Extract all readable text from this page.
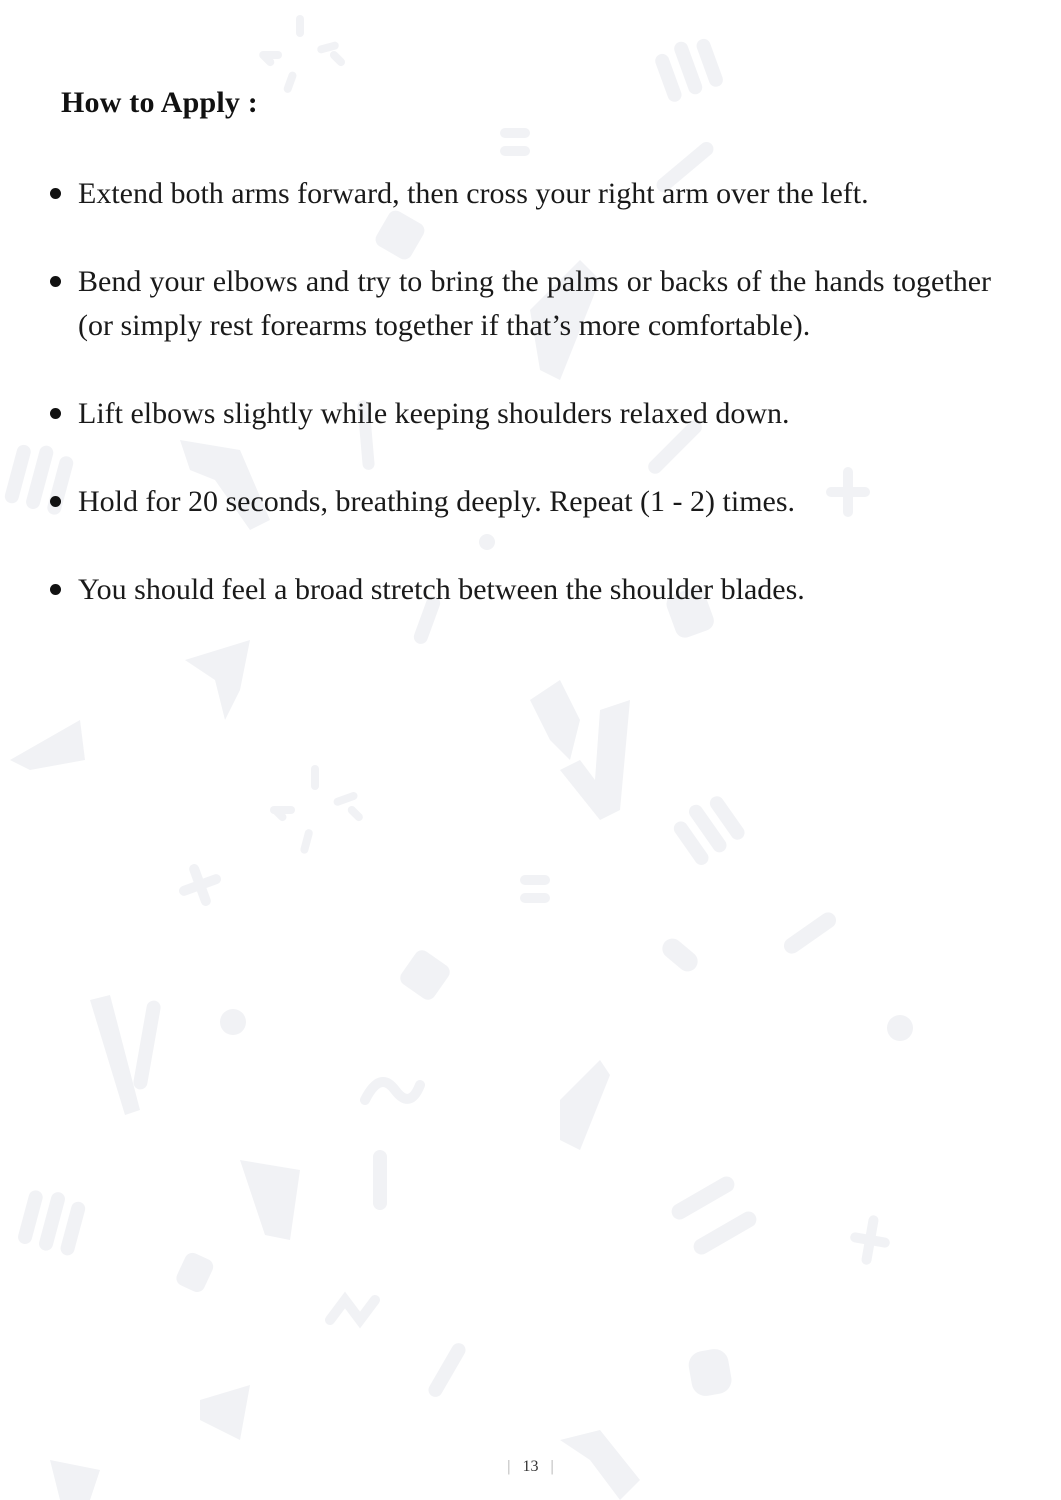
How to Apply :
Extend both arms forward, then cross your right arm over the left.
Bend your elbows and try to bring the palms or backs of the hands together (or simply rest forearms together if that’s more comfortable).
Lift elbows slightly while keeping shoulders relaxed down.
Hold for 20 seconds, breathing deeply. Repeat (1 - 2) times.
You should feel a broad stretch between the shoulder blades.
| 13 |
